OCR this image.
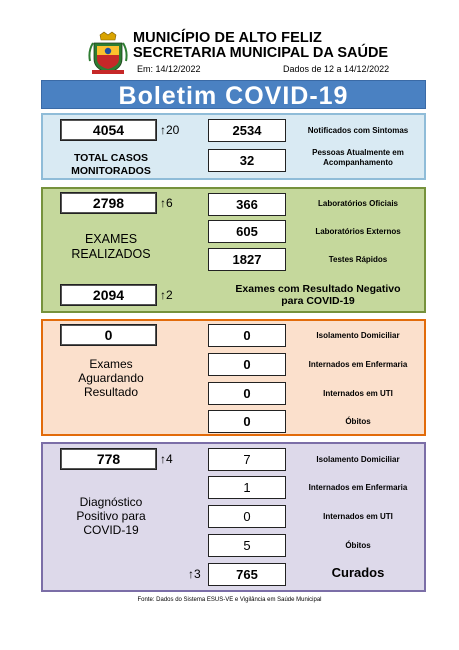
MUNICÍPIO DE ALTO FELIZ
SECRETARIA MUNICIPAL DA SAÚDE
Em: 14/12/2022	Dados de 12 a 14/12/2022
Boletim COVID-19
4054	↑20
TOTAL CASOS
MONITORADOS
2534	Notificados com Sintomas
32
Pessoas Atualmente em Acompanhamento
2798	↑6
EXAMES
REALIZADOS
366	Laboratórios Oficiais
605	Laboratórios Externos
1827	Testes Rápidos
2094	↑2	Exames com Resultado Negativo
para COVID-19
0
Exames
Aguardando
Resultado
0	Isolamento Domiciliar
0	Internados em Enfermaria
0	Internados em UTI
0	Óbitos
778	↑4
Diagnóstico
Positivo para
COVID-19
7	Isolamento Domiciliar
1	Internados em Enfermaria
0	Internados em UTI
5	Óbitos
↑3	765	Curados
Fonte: Dados do Sistema ESUS-VE e Vigilância em Saúde Municipal
